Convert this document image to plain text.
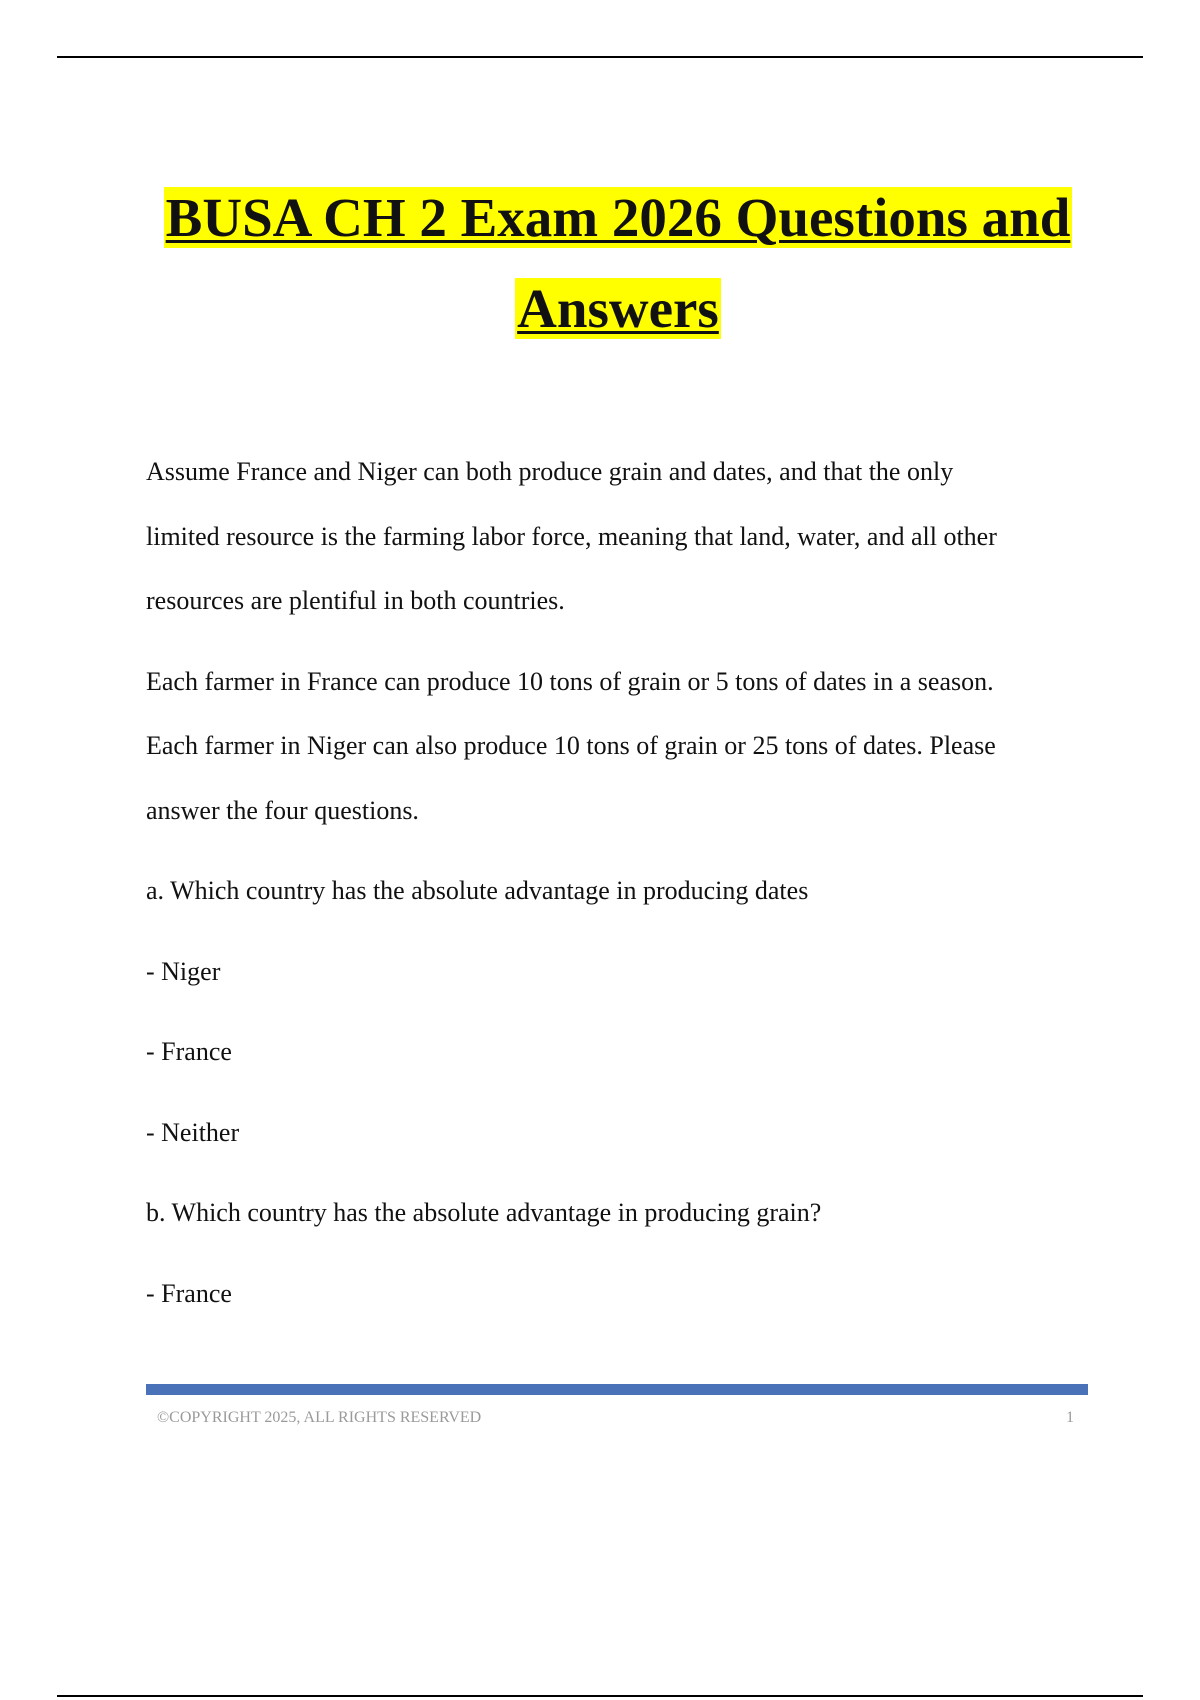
BUSA CH 2 Exam 2026 Questions and
Answers
Assume France and Niger can both produce grain and dates, and that the only
limited resource is the farming labor force, meaning that land, water, and all other
resources are plentiful in both countries.
Each farmer in France can produce 10 tons of grain or 5 tons of dates in a season.
Each farmer in Niger can also produce 10 tons of grain or 25 tons of dates. Please
answer the four questions.
a. Which country has the absolute advantage in producing dates
- Niger
- France
- Neither
b. Which country has the absolute advantage in producing grain?
- France
©COPYRIGHT 2025, ALL RIGHTS RESERVED	1
